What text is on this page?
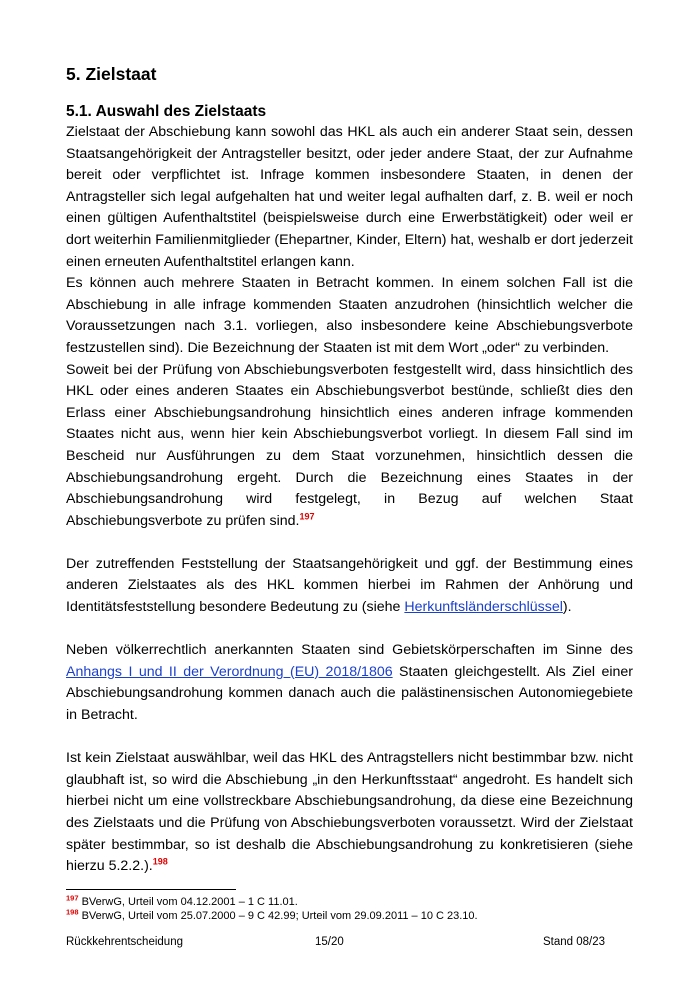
5. Zielstaat
5.1. Auswahl des Zielstaats

Zielstaat der Abschiebung kann sowohl das HKL als auch ein anderer Staat sein, dessen Staatsangehörigkeit der Antragsteller besitzt, oder jeder andere Staat, der zur Aufnahme bereit oder verpflichtet ist. Infrage kommen insbesondere Staaten, in denen der Antragsteller sich legal aufgehalten hat und weiter legal aufhalten darf, z. B. weil er noch einen gültigen Aufenthaltstitel (beispielsweise durch eine Erwerbstätigkeit) oder weil er dort weiterhin Familienmitglieder (Ehepartner, Kinder, Eltern) hat, weshalb er dort jederzeit einen erneuten Aufenthaltstitel erlangen kann.

Es können auch mehrere Staaten in Betracht kommen. In einem solchen Fall ist die Abschiebung in alle infrage kommenden Staaten anzudrohen (hinsichtlich welcher die Voraussetzungen nach 3.1. vorliegen, also insbesondere keine Abschiebungsverbote festzustellen sind). Die Bezeichnung der Staaten ist mit dem Wort „oder“ zu verbinden.

Soweit bei der Prüfung von Abschiebungsverboten festgestellt wird, dass hinsichtlich des HKL oder eines anderen Staates ein Abschiebungsverbot bestünde, schließt dies den Erlass einer Abschiebungsandrohung hinsichtlich eines anderen infrage kommenden Staates nicht aus, wenn hier kein Abschiebungsverbot vorliegt. In diesem Fall sind im Bescheid nur Ausführungen zu dem Staat vorzunehmen, hinsichtlich dessen die Abschiebungsandrohung ergeht. Durch die Bezeichnung eines Staates in der Abschiebungsandrohung wird festgelegt, in Bezug auf welchen Staat Abschiebungsverbote zu prüfen sind.$^{197}$

Der zutreffenden Feststellung der Staatsangehörigkeit und ggf. der Bestimmung eines anderen Zielstaates als des HKL kommen hierbei im Rahmen der Anhörung und Identitätsfeststellung besondere Bedeutung zu (siehe Herkunftsländerschlüssel).

Neben völkerrechtlich anerkannten Staaten sind Gebietskörperschaften im Sinne des Anhangs I und II der Verordnung (EU) 2018/1806 Staaten gleichgestellt. Als Ziel einer Abschiebungsandrohung kommen danach auch die palästinensischen Autonomiegebiete in Betracht.

Ist kein Zielstaat auswählbar, weil das HKL des Antragstellers nicht bestimmbar bzw. nicht glaubhaft ist, so wird die Abschiebung „in den Herkunftsstaat“ angedroht. Es handelt sich hierbei nicht um eine vollstreckbare Abschiebungsandrohung, da diese eine Bezeichnung des Zielstaats und die Prüfung von Abschiebungsverboten voraussetzt. Wird der Zielstaat später bestimmbar, so ist deshalb die Abschiebungsandrohung zu konkretisieren (siehe hierzu 5.2.2.).$^{198}$

$^{197}$ BVerwG, Urteil vom 04.12.2001 – 1 C 11.01.
$^{198}$ BVerwG, Urteil vom 25.07.2000 – 9 C 42.99; Urteil vom 29.09.2011 – 10 C 23.10.
Rückkehrentscheidung	15/20	Stand 08/23
